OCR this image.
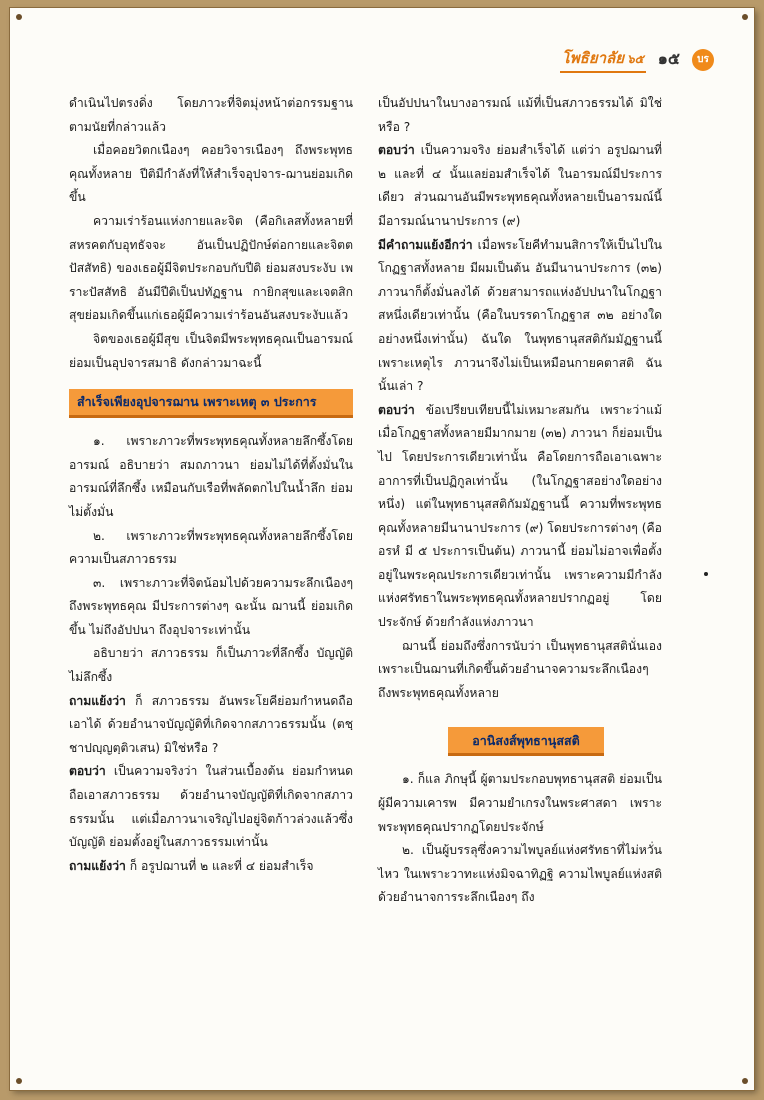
โพธิยาลัย ๖๕ ๑๕	บร

ดำเนินไปตรงดิ่ง โดยภาวะที่จิตมุ่งหน้าต่อกรรมฐาน ตามนัยที่กล่าวแล้ว

เมื่อคอยวิตกเนืองๆ คอยวิจารเนืองๆ ถึงพระพุทธคุณทั้งหลาย ปีติมีกำลังที่ให้สำเร็จอุปจาร-ฌานย่อมเกิดขึ้น

ความเร่าร้อนแห่งกายและจิต (คือกิเลสทั้งหลายที่สหรคตกับอุทธัจจะ อันเป็นปฏิปักษ์ต่อกายและจิตตปัสสัทธิ) ของเธอผู้มีจิตประกอบกับปีติ ย่อมสงบระงับ เพราะปัสสัทธิ อันมีปีติเป็นปทัฏฐาน กายิกสุขและเจตสิกสุขย่อมเกิดขึ้นแก่เธอผู้มีความเร่าร้อนอันสงบระงับแล้ว

จิตของเธอผู้มีสุข เป็นจิตมีพระพุทธคุณเป็นอารมณ์ ย่อมเป็นอุปจารสมาธิ ดังกล่าวมาฉะนี้

สำเร็จเพียงอุปจารฌาน เพราะเหตุ ๓ ประการ

๑. เพราะภาวะที่พระพุทธคุณทั้งหลายลึกซึ้งโดยอารมณ์ อธิบายว่า สมถภาวนา ย่อมไม่ได้ที่ตั้งมั่นในอารมณ์ที่ลึกซึ้ง เหมือนกับเรือที่พลัดตกไปในน้ำลึก ย่อมไม่ตั้งมั่น

๒. เพราะภาวะที่พระพุทธคุณทั้งหลายลึกซึ้งโดยความเป็นสภาวธรรม

๓. เพราะภาวะที่จิตน้อมไปด้วยความระลึกเนืองๆ ถึงพระพุทธคุณ มีประการต่างๆ ฉะนั้น ฌานนี้ ย่อมเกิดขึ้น ไม่ถึงอัปปนา ถึงอุปจาระเท่านั้น

อธิบายว่า สภาวธรรม ก็เป็นภาวะที่ลึกซึ้ง บัญญัติไม่ลึกซึ้ง

ถามแย้งว่า ก็ สภาวธรรม อันพระโยคีย่อมกำหนดถือเอาได้ ด้วยอำนาจบัญญัติที่เกิดจากสภาวธรรมนั้น (ตชฺชาปญฺญตฺติวเสน) มิใช่หรือ ?

ตอบว่า เป็นความจริงว่า ในส่วนเบื้องต้น ย่อมกำหนดถือเอาสภาวธรรม ด้วยอำนาจบัญญัติที่เกิดจากสภาวธรรมนั้น แต่เมื่อภาวนาเจริญไปอยู่จิตก้าวล่วงแล้วซึ่งบัญญัติ ย่อมตั้งอยู่ในสภาวธรรมเท่านั้น

ถามแย้งว่า ก็ อรูปฌานที่ ๒ และที่ ๔ ย่อมสำเร็จ

เป็นอัปปนาในบางอารมณ์ แม้ที่เป็นสภาวธรรมได้ มิใช่หรือ ?

ตอบว่า เป็นความจริง ย่อมสำเร็จได้ แต่ว่า อรูปฌานที่ ๒ และที่ ๔ นั้นแลย่อมสำเร็จได้ ในอารมณ์มีประการเดียว ส่วนฌานอันมีพระพุทธคุณทั้งหลายเป็นอารมณ์นี้ มีอารมณ์นานาประการ (๙)

มีคำถามแย้งอีกว่า เมื่อพระโยคีทำมนสิการให้เป็นไปในโกฏฐาสทั้งหลาย มีผมเป็นต้น อันมีนานาประการ (๓๒) ภาวนาก็ตั้งมั่นลงได้ ด้วยสามารถแห่งอัปปนาในโกฏฐาสหนึ่งเดียวเท่านั้น (คือในบรรดาโกฏฐาส ๓๒ อย่างใดอย่างหนึ่งเท่านั้น) ฉันใด ในพุทธานุสสติกัมมัฏฐานนี้ เพราะเหตุไร ภาวนาจึงไม่เป็นเหมือนกายคตาสติ ฉันนั้นเล่า ?

ตอบว่า ข้อเปรียบเทียบนี้ไม่เหมาะสมกัน เพราะว่าแม้เมื่อโกฏฐาสทั้งหลายมีมากมาย (๓๒) ภาวนา ก็ย่อมเป็นไป โดยประการเดียวเท่านั้น คือโดยการถือเอาเฉพาะอาการที่เป็นปฏิกูลเท่านั้น (ในโกฏฐาสอย่างใดอย่างหนึ่ง) แต่ในพุทธานุสสติกัมมัฏฐานนี้ ความที่พระพุทธคุณทั้งหลายมีนานาประการ (๙) โดยประการต่างๆ (คืออรหํ มี ๕ ประการเป็นต้น) ภาวนานี้ ย่อมไม่อาจเพื่อตั้งอยู่ในพระคุณประการเดียวเท่านั้น เพราะความมีกำลังแห่งศรัทธาในพระพุทธคุณทั้งหลายปรากฏอยู่ โดยประจักษ์ ด้วยกำลังแห่งภาวนา

ฌานนี้ ย่อมถึงซึ่งการนับว่า เป็นพุทธานุสสตินั่นเอง เพราะเป็นฌานที่เกิดขึ้นด้วยอำนาจความระลึกเนืองๆ ถึงพระพุทธคุณทั้งหลาย

อานิสงส์พุทธานุสสติ

๑. ก็แล ภิกษุนี้ ผู้ตามประกอบพุทธานุสสติ ย่อมเป็นผู้มีความเคารพ มีความยำเกรงในพระศาสดา เพราะพระพุทธคุณปรากฏโดยประจักษ์

๒. เป็นผู้บรรลุซึ่งความไพบูลย์แห่งศรัทธาที่ไม่หวั่นไหว ในเพราะวาทะแห่งมิจฉาทิฏฐิ ความไพบูลย์แห่งสติ ด้วยอำนาจการระลึกเนืองๆ ถึง
